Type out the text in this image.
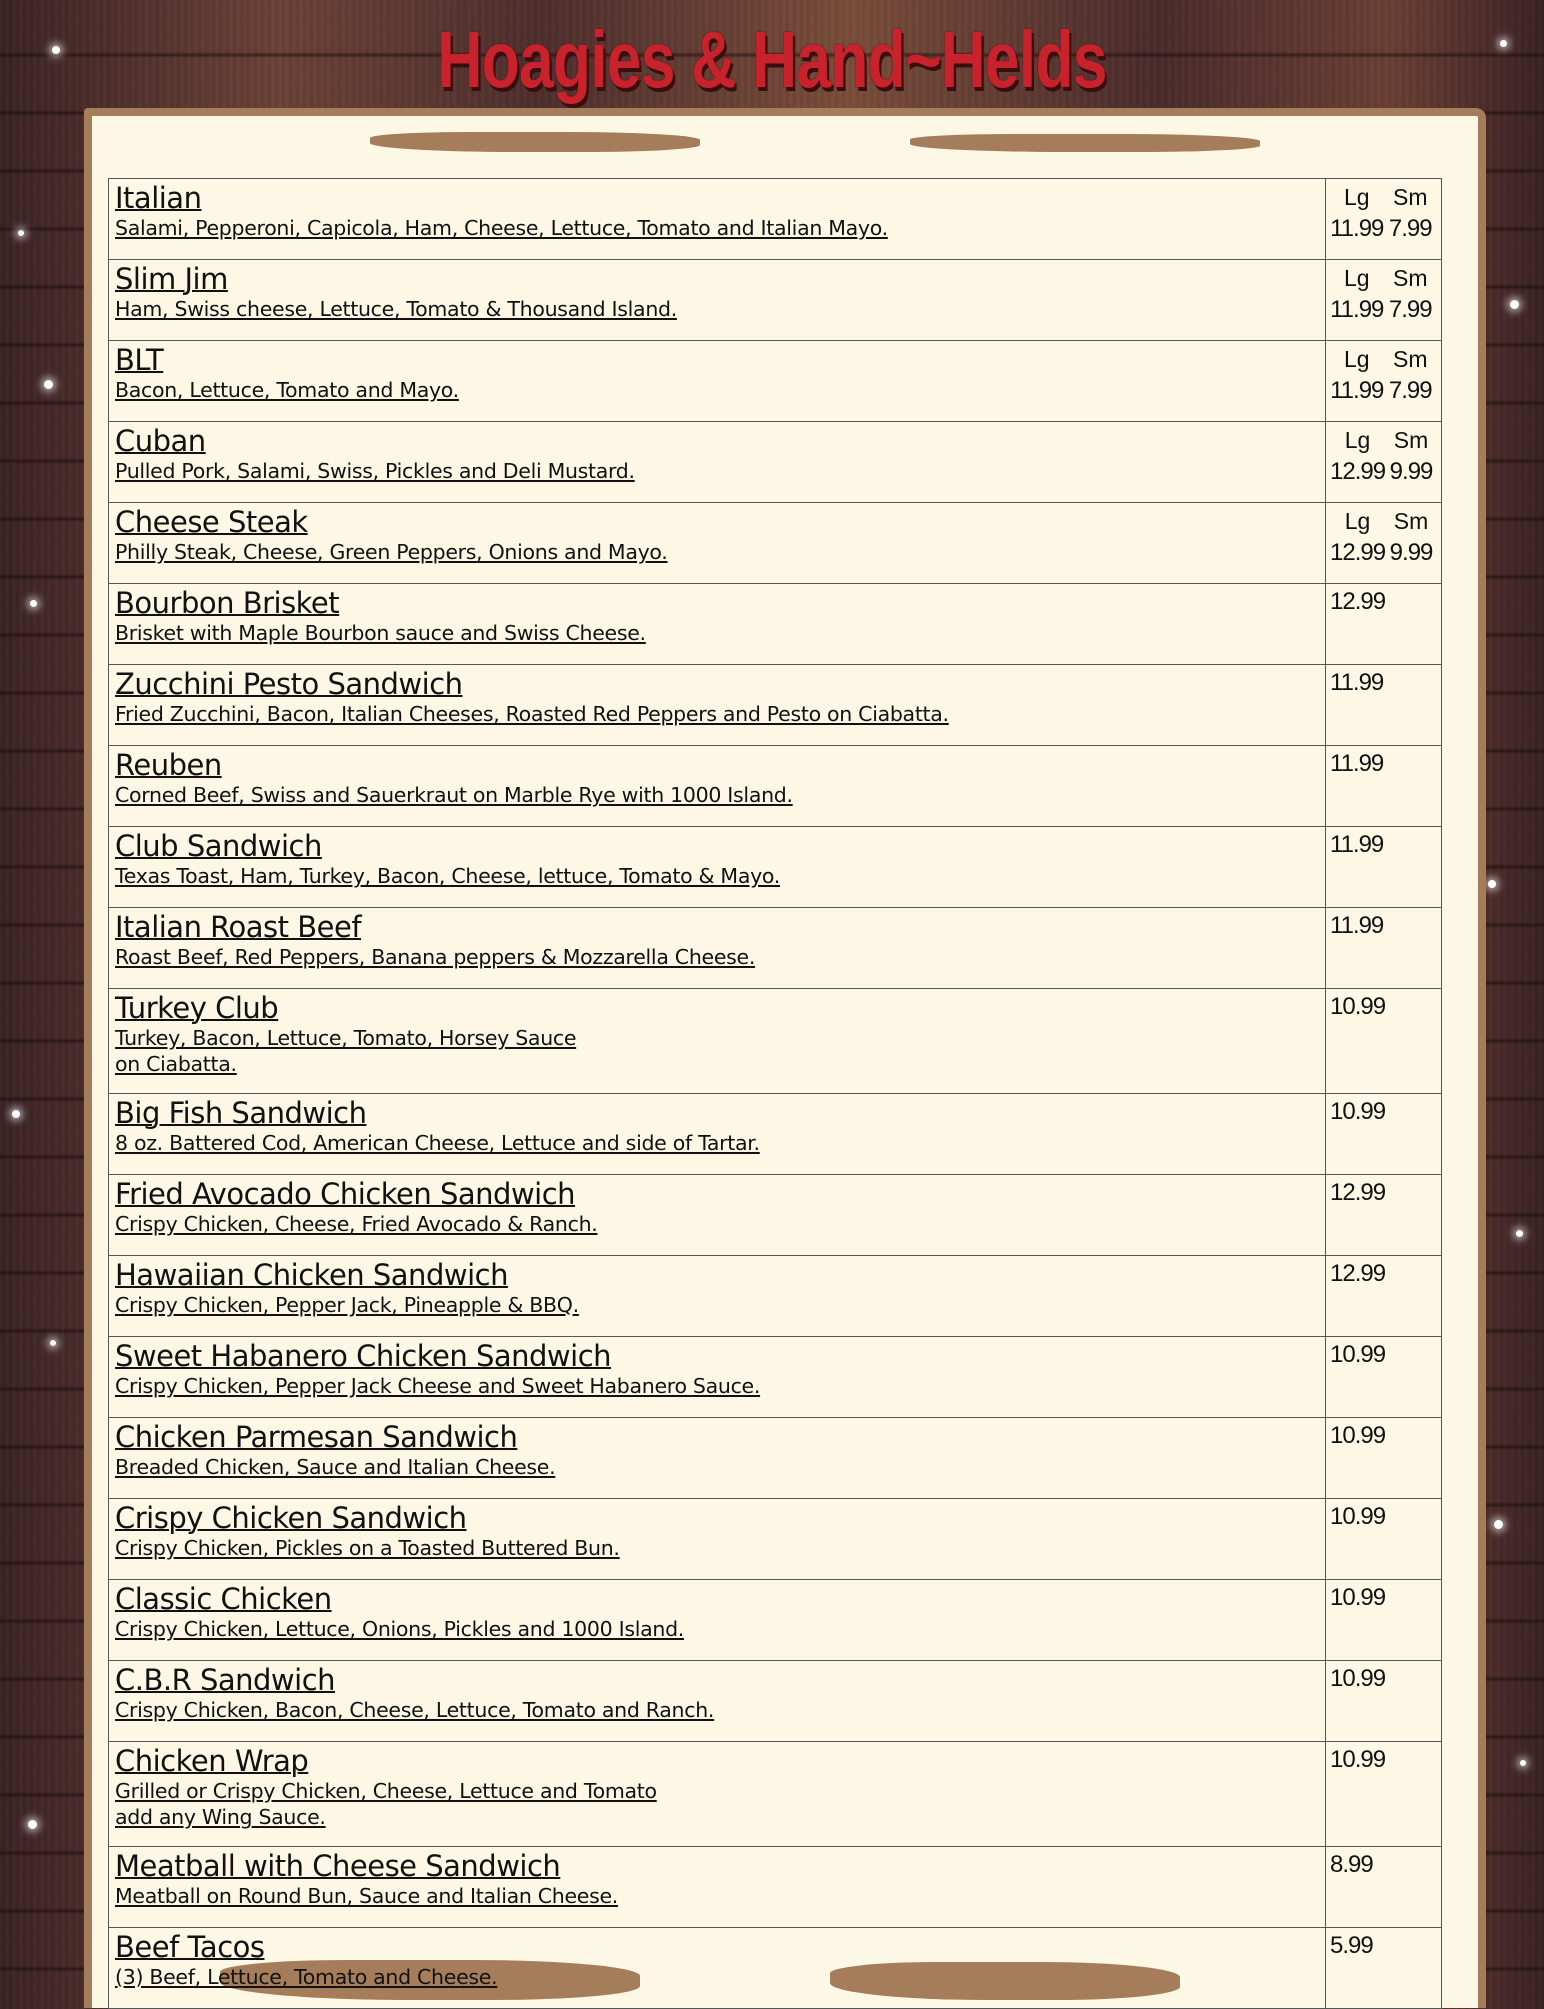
Hoagies & Hand~Helds
Italian
Salami, Pepperoni, Capicola, Ham, Cheese, Lettuce, Tomato and Italian Mayo.	Lg Sm
11.99 7.99

Slim Jim
Ham, Swiss cheese, Lettuce, Tomato & Thousand Island.	Lg Sm
11.99 7.99

BLT
Bacon, Lettuce, Tomato and Mayo.	Lg Sm
11.99 7.99

Cuban
Pulled Pork, Salami, Swiss, Pickles and Deli Mustard.	Lg Sm
12.99 9.99

Cheese Steak
Philly Steak, Cheese, Green Peppers, Onions and Mayo.	Lg Sm
12.99 9.99

Bourbon Brisket
Brisket with Maple Bourbon sauce and Swiss Cheese.	12.99

Zucchini Pesto Sandwich
Fried Zucchini, Bacon, Italian Cheeses, Roasted Red Peppers and Pesto on Ciabatta.	11.99

Reuben
Corned Beef, Swiss and Sauerkraut on Marble Rye with 1000 Island.	11.99

Club Sandwich
Texas Toast, Ham, Turkey, Bacon, Cheese, lettuce, Tomato & Mayo.	11.99

Italian Roast Beef
Roast Beef, Red Peppers, Banana peppers & Mozzarella Cheese.	11.99

Turkey Club
Turkey, Bacon, Lettuce, Tomato, Horsey Sauce
on Ciabatta.	10.99

Big Fish Sandwich
8 oz. Battered Cod, American Cheese, Lettuce and side of Tartar.	10.99

Fried Avocado Chicken Sandwich
Crispy Chicken, Cheese, Fried Avocado & Ranch.	12.99

Hawaiian Chicken Sandwich
Crispy Chicken, Pepper Jack, Pineapple & BBQ.	12.99

Sweet Habanero Chicken Sandwich
Crispy Chicken, Pepper Jack Cheese and Sweet Habanero Sauce.	10.99

Chicken Parmesan Sandwich
Breaded Chicken, Sauce and Italian Cheese.	10.99

Crispy Chicken Sandwich
Crispy Chicken, Pickles on a Toasted Buttered Bun.	10.99

Classic Chicken
Crispy Chicken, Lettuce, Onions, Pickles and 1000 Island.	10.99

C.B.R Sandwich
Crispy Chicken, Bacon, Cheese, Lettuce, Tomato and Ranch.	10.99

Chicken Wrap
Grilled or Crispy Chicken, Cheese, Lettuce and Tomato
add any Wing Sauce.	10.99

Meatball with Cheese Sandwich
Meatball on Round Bun, Sauce and Italian Cheese.	8.99

Beef Tacos
(3) Beef, Lettuce, Tomato and Cheese.	5.99
